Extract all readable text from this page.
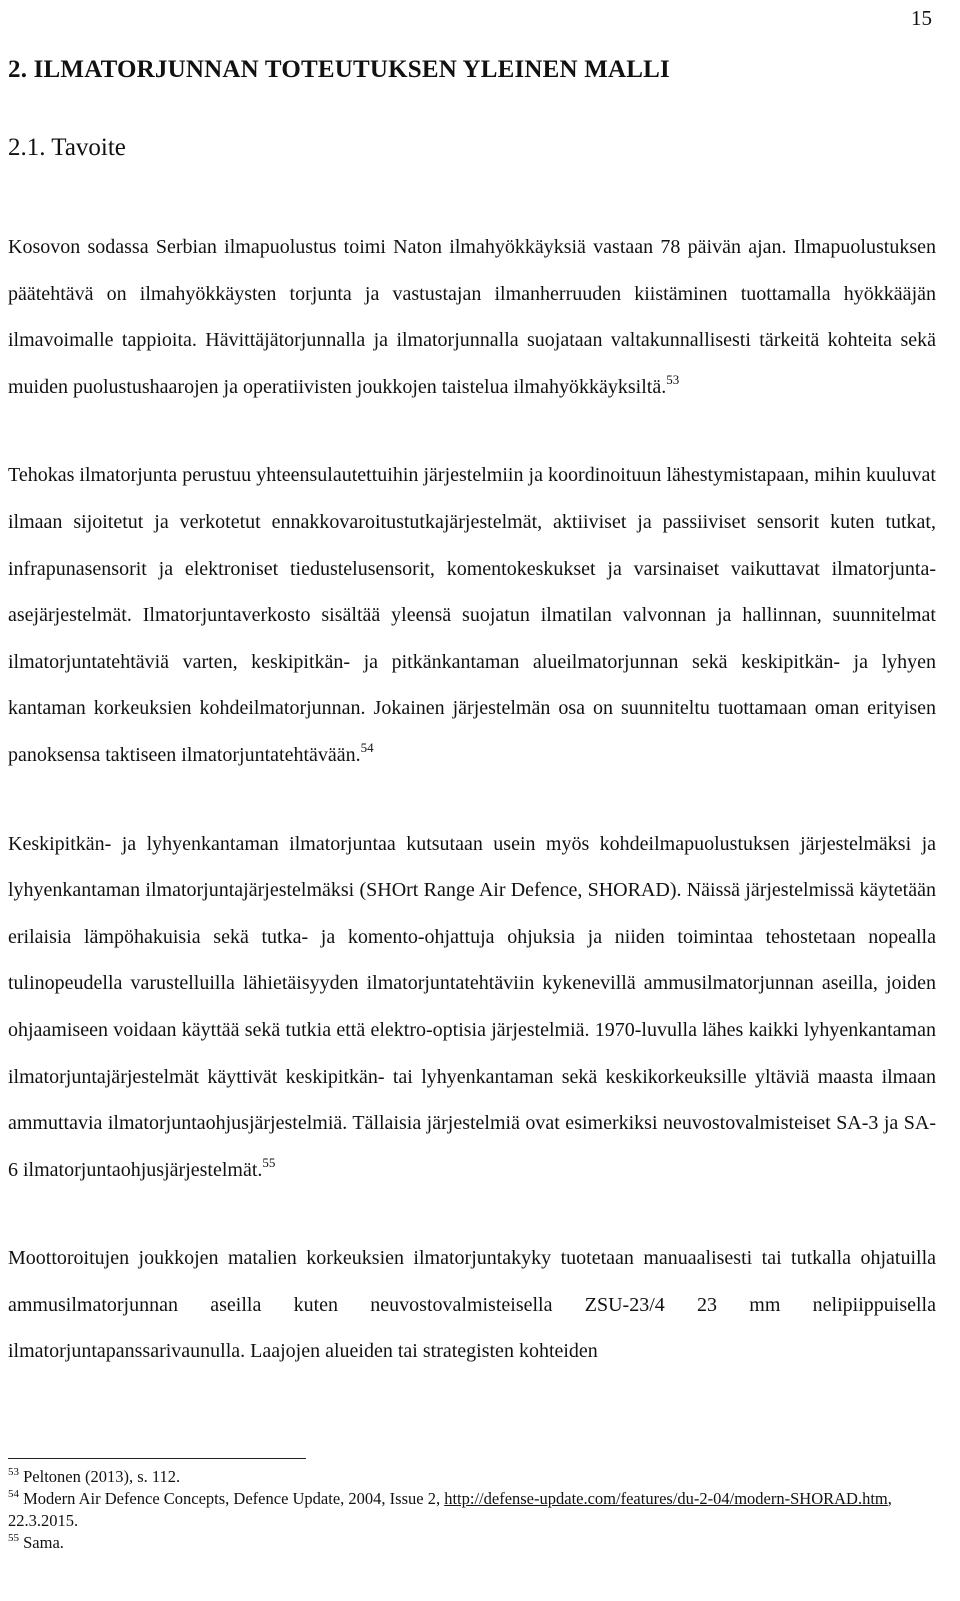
15
2. ILMATORJUNNAN TOTEUTUKSEN YLEINEN MALLI
2.1. Tavoite

Kosovon sodassa Serbian ilmapuolustus toimi Naton ilmahyökkäyksiä vastaan 78 päivän ajan. Ilmapuolustuksen päätehtävä on ilmahyökkäysten torjunta ja vastustajan ilmanherruuden kiistäminen tuottamalla hyökkääjän ilmavoimalle tappioita. Hävittäjätorjunnalla ja ilmatorjunnalla suojataan valtakunnallisesti tärkeitä kohteita sekä muiden puolustushaarojen ja operatiivisten joukkojen taistelua ilmahyökkäyksiltä.$^{53}$

Tehokas ilmatorjunta perustuu yhteensulautettuihin järjestelmiin ja koordinoituun lähestymistapaan, mihin kuuluvat ilmaan sijoitetut ja verkotetut ennakkovaroitustutkajärjestelmät, aktiiviset ja passiiviset sensorit kuten tutkat, infrapunasensorit ja elektroniset tiedustelusensorit, komentokeskukset ja varsinaiset vaikuttavat ilmatorjunta-asejärjestelmät. Ilmatorjuntaverkosto sisältää yleensä suojatun ilmatilan valvonnan ja hallinnan, suunnitelmat ilmatorjuntatehtäviä varten, keskipitkän- ja pitkänkantaman alueilmatorjunnan sekä keskipitkän- ja lyhyen kantaman korkeuksien kohdeilmatorjunnan. Jokainen järjestelmän osa on suunniteltu tuottamaan oman erityisen panoksensa taktiseen ilmatorjuntatehtävään.$^{54}$

Keskipitkän- ja lyhyenkantaman ilmatorjuntaa kutsutaan usein myös kohdeilmapuolustuksen järjestelmäksi ja lyhyenkantaman ilmatorjuntajärjestelmäksi (SHOrt Range Air Defence, SHORAD). Näissä järjestelmissä käytetään erilaisia lämpöhakuisia sekä tutka- ja komento-ohjattuja ohjuksia ja niiden toimintaa tehostetaan nopealla tulinopeudella varustelluilla lähietäisyyden ilmatorjuntatehtäviin kykenevillä ammusilmatorjunnan aseilla, joiden ohjaamiseen voidaan käyttää sekä tutkia että elektro-optisia järjestelmiä. 1970-luvulla lähes kaikki lyhyenkantaman ilmatorjuntajärjestelmät käyttivät keskipitkän- tai lyhyenkantaman sekä keskikorkeuksille yltäviä maasta ilmaan ammuttavia ilmatorjuntaohjusjärjestelmiä. Tällaisia järjestelmiä ovat esimerkiksi neuvostovalmisteiset SA-3 ja SA-6 ilmatorjuntaohjusjärjestelmät.$^{55}$

Moottoroitujen joukkojen matalien korkeuksien ilmatorjuntakyky tuotetaan manuaalisesti tai tutkalla ohjatuilla ammusilmatorjunnan aseilla kuten neuvostovalmisteisella ZSU-23/4 23 mm nelipiippuisella ilmatorjuntapanssarivaunulla. Laajojen alueiden tai strategisten kohteiden

$^{53}$ Peltonen (2013), s. 112.

$^{54}$ Modern Air Defence Concepts, Defence Update, 2004, Issue 2, http://defense-update.com/features/du-2-04/modern-SHORAD.htm, 22.3.2015.

$^{55}$ Sama.
